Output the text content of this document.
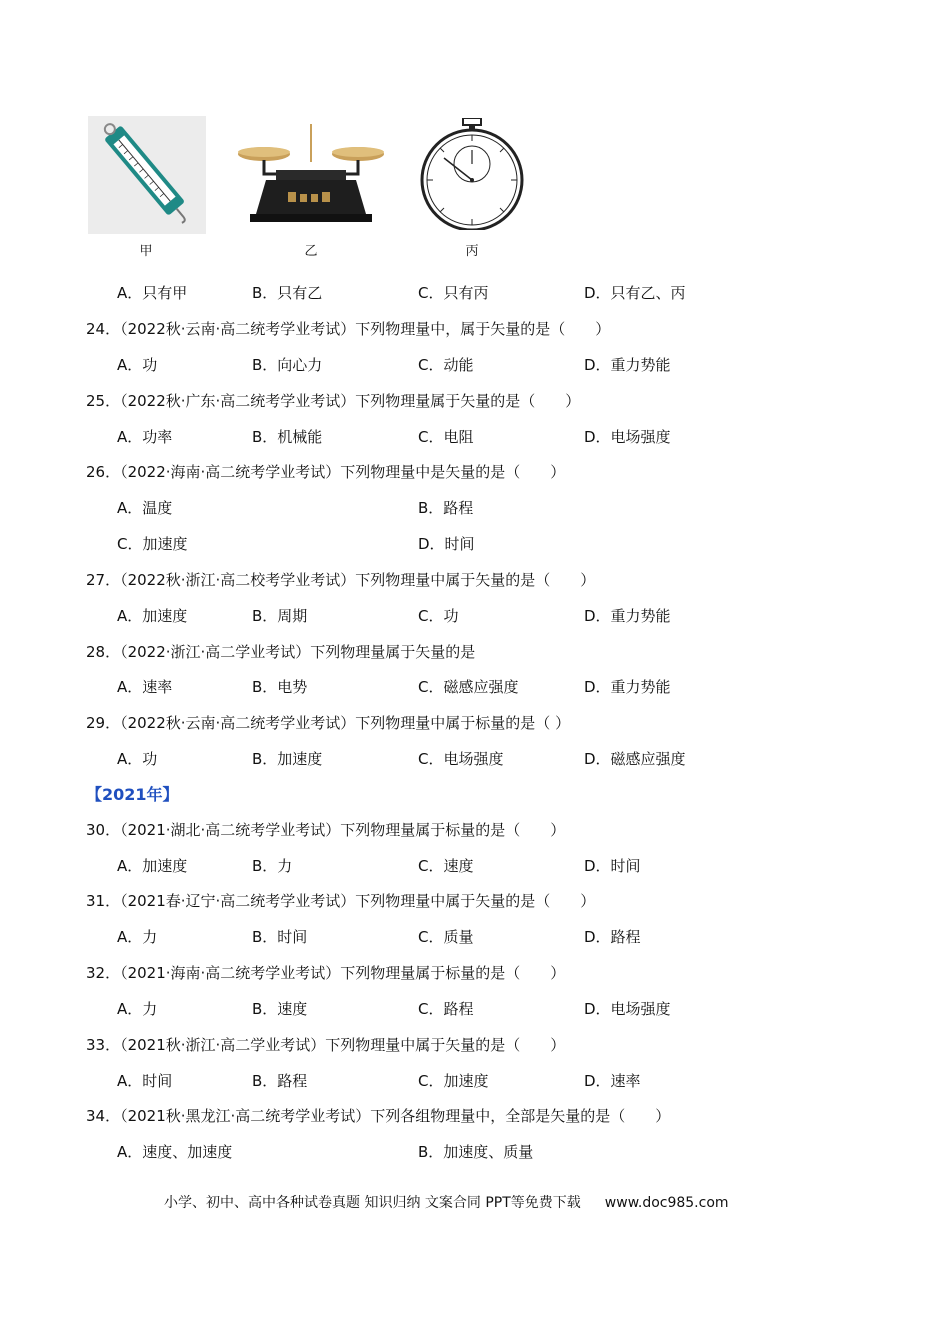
甲	乙	丙
A．只有甲	B．只有乙	C．只有丙	D．只有乙、丙
24．（2022秋·云南·高二统考学业考试）下列物理量中，属于矢量的是（　　）
A．功	B．向心力	C．动能	D．重力势能
25．（2022秋·广东·高二统考学业考试）下列物理量属于矢量的是（　　）
A．功率	B．机械能	C．电阻	D．电场强度
26．（2022·海南·高二统考学业考试）下列物理量中是矢量的是（　　）
A．温度	B．路程
C．加速度	D．时间
27．（2022秋·浙江·高二校考学业考试）下列物理量中属于矢量的是（　　）
A．加速度	B．周期	C．功	D．重力势能
28．（2022·浙江·高二学业考试）下列物理量属于矢量的是
A．速率	B．电势	C．磁感应强度	D．重力势能
29．（2022秋·云南·高二统考学业考试）下列物理量中属于标量的是（ ）
A．功	B．加速度	C．电场强度	D．磁感应强度
【2021年】
30．（2021·湖北·高二统考学业考试）下列物理量属于标量的是（　　）
A．加速度	B．力	C．速度	D．时间
31．（2021春·辽宁·高二统考学业考试）下列物理量中属于矢量的是（　　）
A．力	B．时间	C．质量	D．路程
32．（2021·海南·高二统考学业考试）下列物理量属于标量的是（　　）
A．力	B．速度	C．路程	D．电场强度
33．（2021秋·浙江·高二学业考试）下列物理量中属于矢量的是（　　）
A．时间	B．路程	C．加速度	D．速率
34．（2021秋·黑龙江·高二统考学业考试）下列各组物理量中，全部是矢量的是（　　）
A．速度、加速度	B．加速度、质量
小学、初中、高中各种试卷真题 知识归纳 文案合同 PPT等免费下载 www.doc985.com
